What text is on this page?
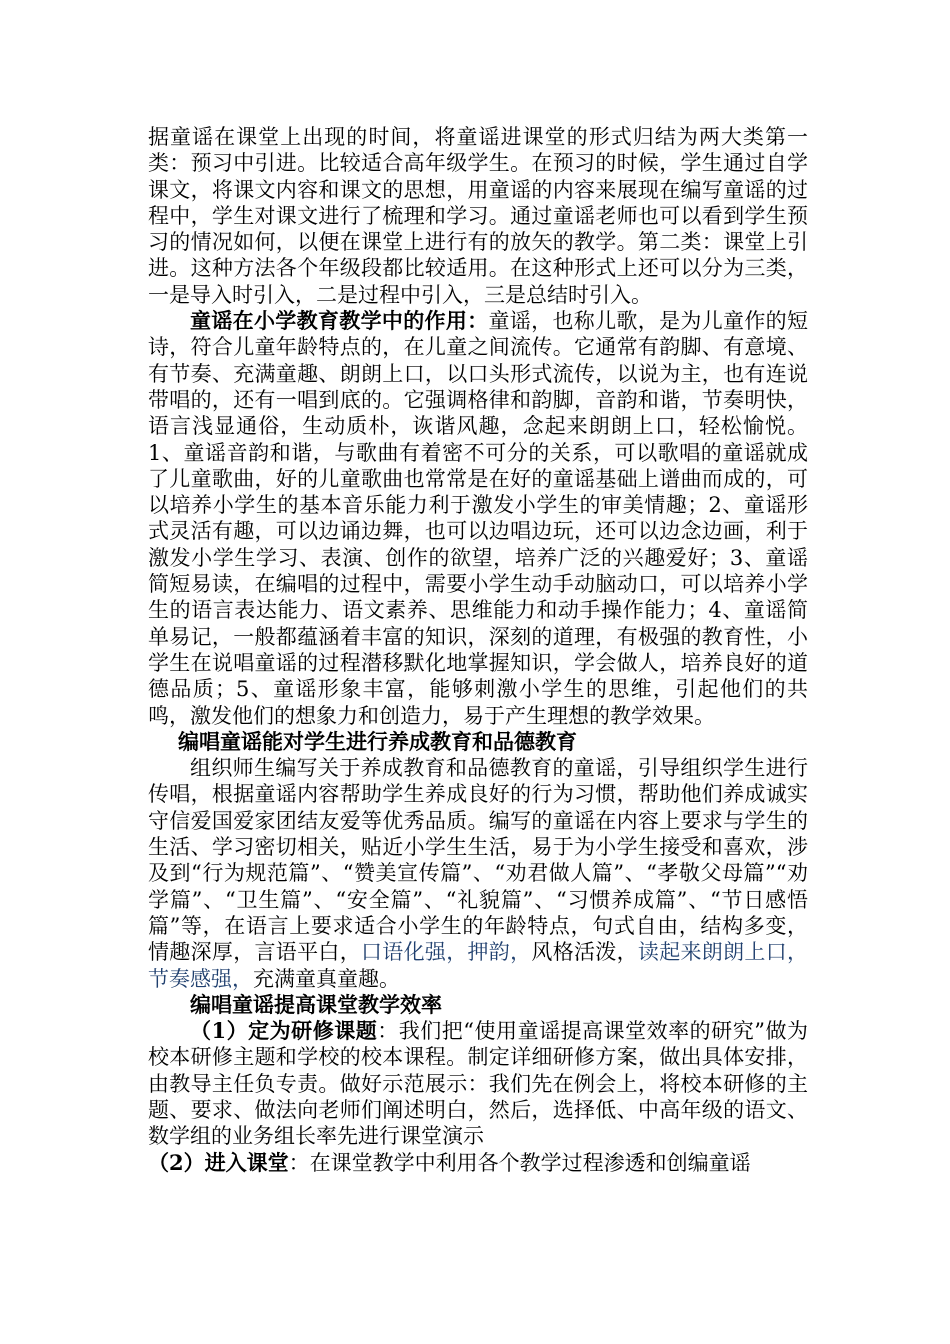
据童谣在课堂上出现的时间，将童谣进课堂的形式归结为两大类第一类：预习中引进。比较适合高年级学生。在预习的时候，学生通过自学课文，将课文内容和课文的思想，用童谣的内容来展现在编写童谣的过程中，学生对课文进行了梳理和学习。通过童谣老师也可以看到学生预习的情况如何，以便在课堂上进行有的放矢的教学。第二类：课堂上引进。这种方法各个年级段都比较适用。在这种形式上还可以分为三类，一是导入时引入，二是过程中引入，三是总结时引入。

童谣在小学教育教学中的作用：童谣，也称儿歌，是为儿童作的短诗，符合儿童年龄特点的，在儿童之间流传。它通常有韵脚、有意境、有节奏、充满童趣、朗朗上口，以口头形式流传，以说为主，也有连说带唱的，还有一唱到底的。它强调格律和韵脚，音韵和谐，节奏明快，语言浅显通俗，生动质朴，诙谐风趣，念起来朗朗上口，轻松愉悦。1、童谣音韵和谐，与歌曲有着密不可分的关系，可以歌唱的童谣就成了儿童歌曲，好的儿童歌曲也常常是在好的童谣基础上谱曲而成的，可以培养小学生的基本音乐能力利于激发小学生的审美情趣；2、童谣形式灵活有趣，可以边诵边舞，也可以边唱边玩，还可以边念边画，利于激发小学生学习、表演、创作的欲望，培养广泛的兴趣爱好；3、童谣简短易读，在编唱的过程中，需要小学生动手动脑动口，可以培养小学生的语言表达能力、语文素养、思维能力和动手操作能力；4、童谣简单易记，一般都蕴涵着丰富的知识，深刻的道理，有极强的教育性，小学生在说唱童谣的过程潜移默化地掌握知识，学会做人，培养良好的道德品质；5、童谣形象丰富，能够刺激小学生的思维，引起他们的共鸣，激发他们的想象力和创造力，易于产生理想的教学效果。

编唱童谣能对学生进行养成教育和品德教育

组织师生编写关于养成教育和品德教育的童谣，引导组织学生进行传唱，根据童谣内容帮助学生养成良好的行为习惯，帮助他们养成诚实守信爱国爱家团结友爱等优秀品质。编写的童谣在内容上要求与学生的生活、学习密切相关，贴近小学生生活，易于为小学生接受和喜欢，涉及到“行为规范篇”、“赞美宣传篇”、“劝君做人篇”、“孝敬父母篇”“劝学篇”、“卫生篇”、“安全篇”、“礼貌篇”、“习惯养成篇”、“节日感悟篇”等，在语言上要求适合小学生的年龄特点，句式自由，结构多变，情趣深厚，言语平白，口语化强，押韵，风格活泼，读起来朗朗上口，节奏感强，充满童真童趣。

编唱童谣提高课堂教学效率

（1）定为研修课题：我们把“使用童谣提高课堂效率的研究”做为校本研修主题和学校的校本课程。制定详细研修方案，做出具体安排，由教导主任负专责。做好示范展示：我们先在例会上，将校本研修的主题、要求、做法向老师们阐述明白，然后，选择低、中高年级的语文、数学组的业务组长率先进行课堂演示

（2）进入课堂：在课堂教学中利用各个教学过程渗透和创编童谣
